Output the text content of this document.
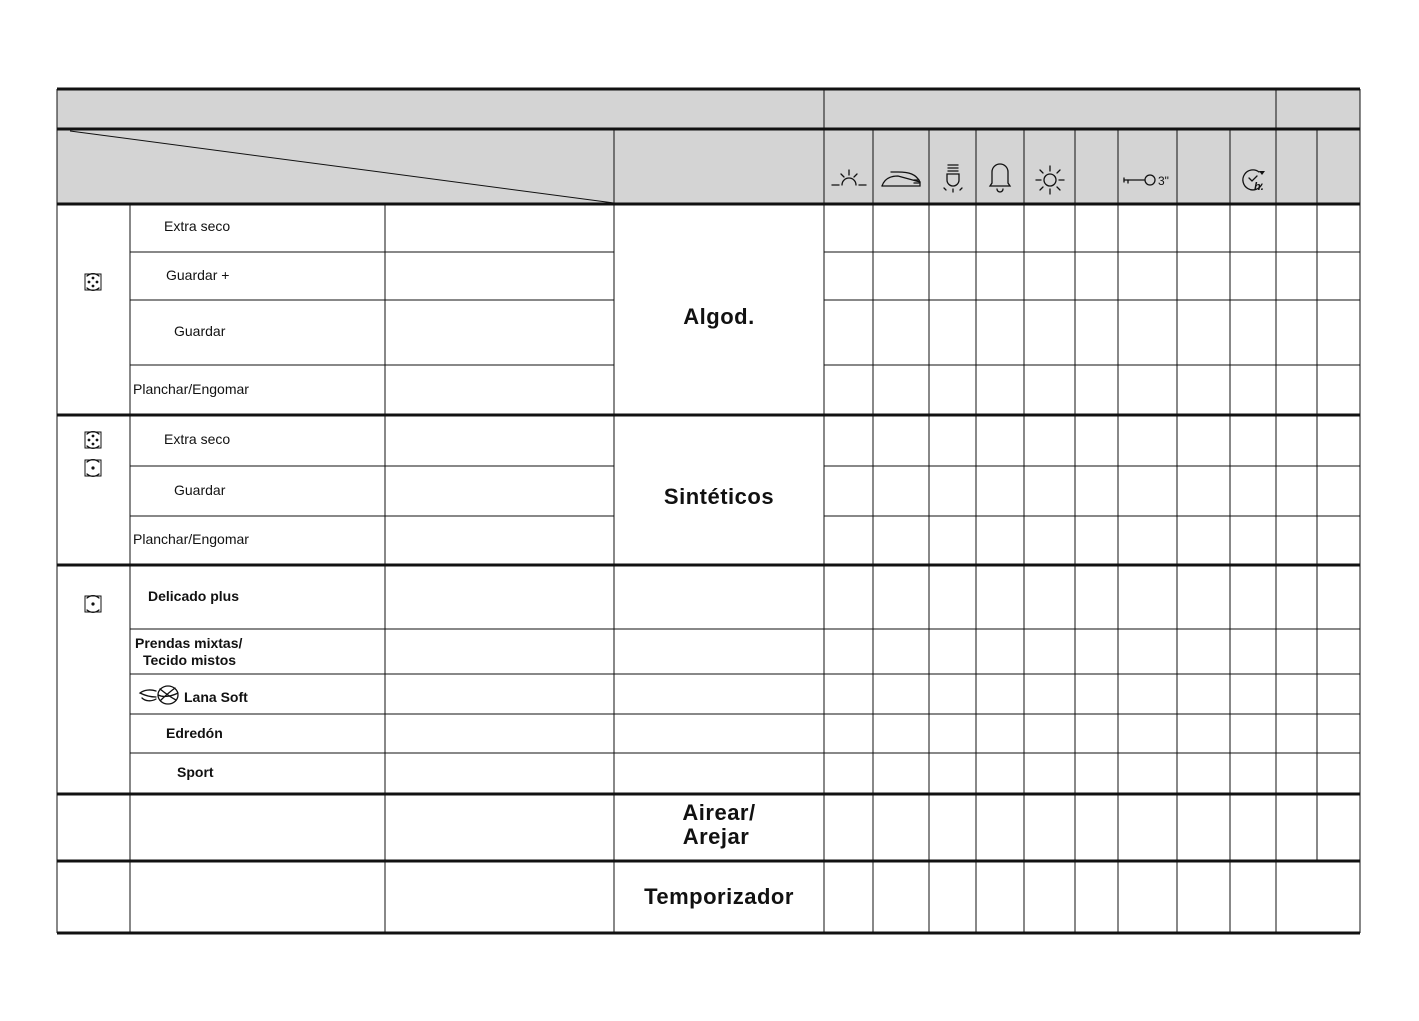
3"	h.
Algod.
Sintéticos
Airear/
Arejar
Temporizador
Extra seco
Guardar +
Guardar
Planchar/Engomar
Extra seco
Guardar
Planchar/Engomar
Delicado plus
Prendas mixtas/
Tecido mistos
Lana Soft
Edredón
Sport
